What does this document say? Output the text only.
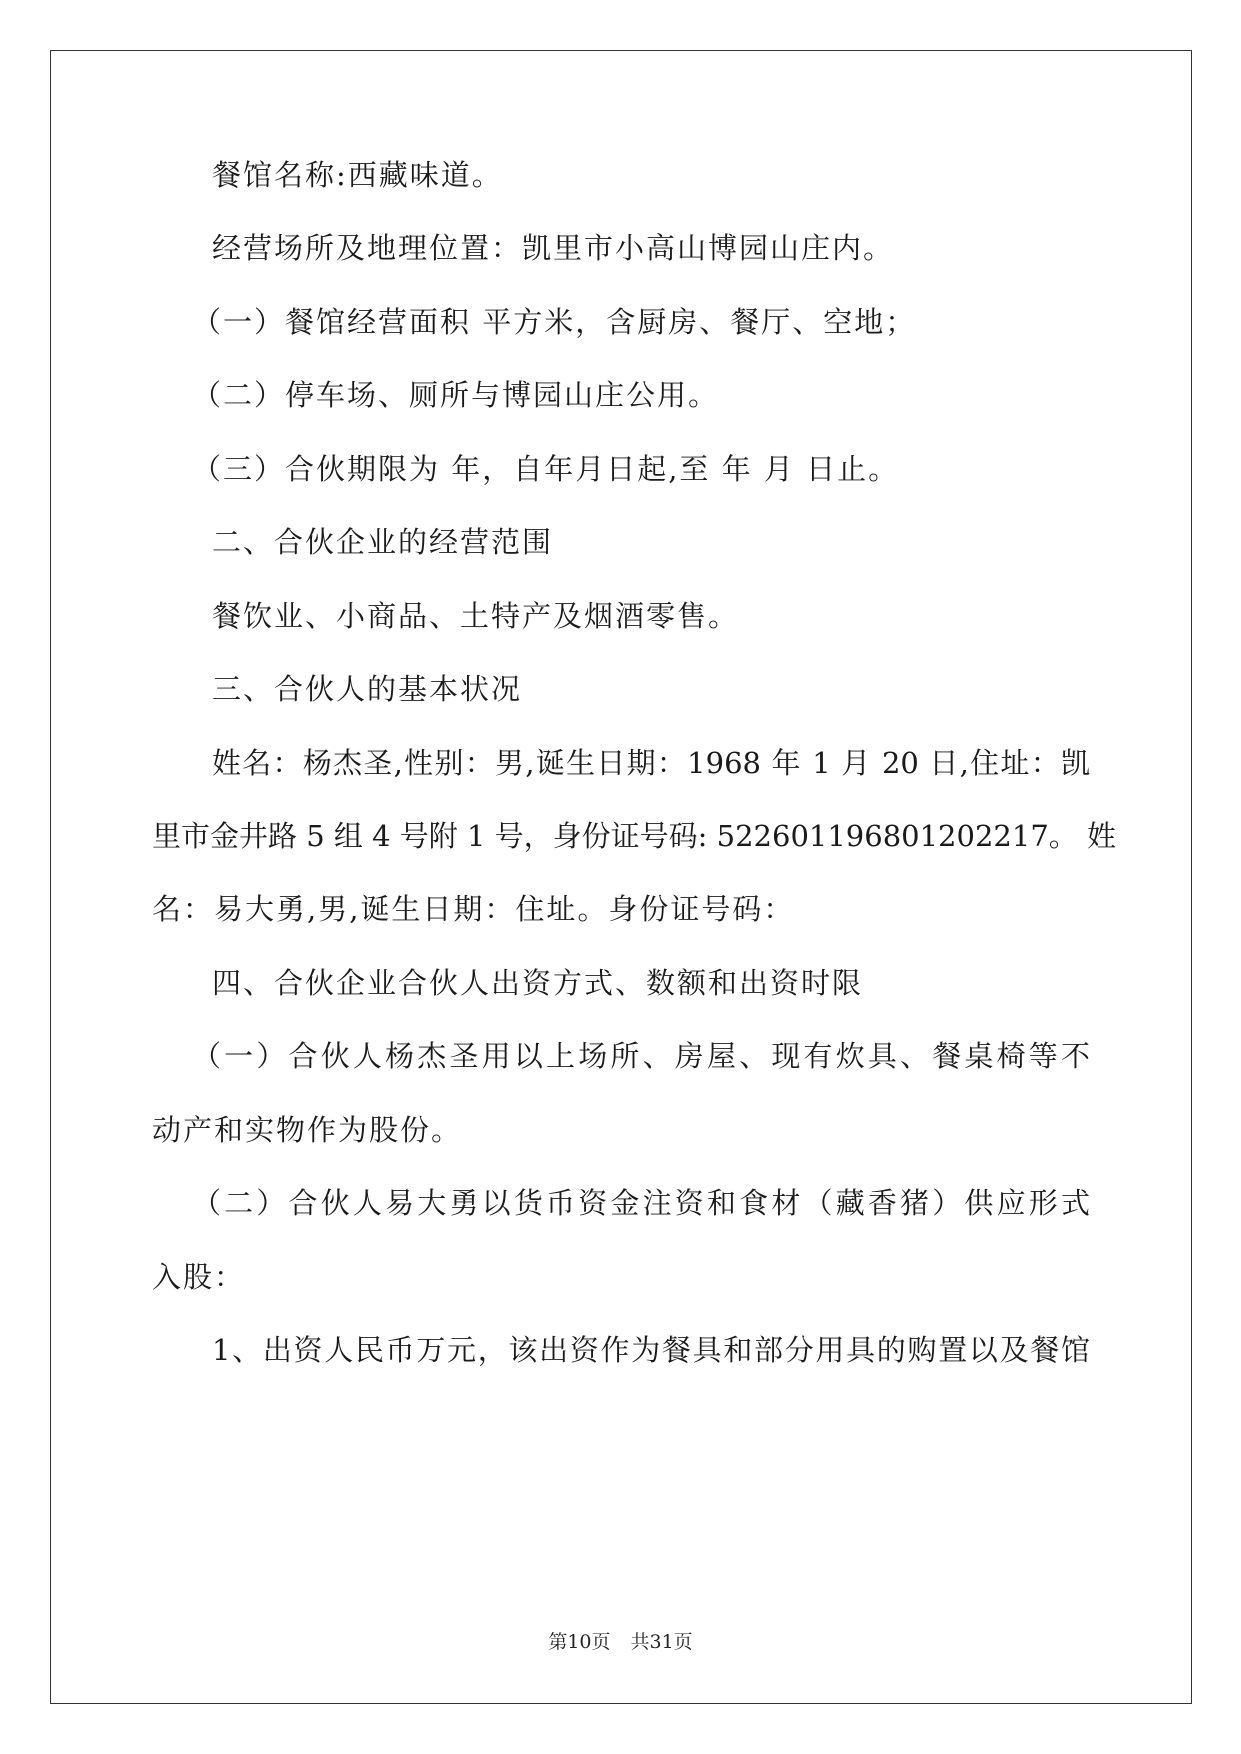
餐馆名称:西藏味道。
经营场所及地理位置：凯里市小高山博园山庄内。
（一）餐馆经营面积 平方米，含厨房、餐厅、空地；
（二）停车场、厕所与博园山庄公用。
（三）合伙期限为 年，自年月日起,至 年 月 日止。
二、合伙企业的经营范围
餐饮业、小商品、土特产及烟酒零售。
三、合伙人的基本状况
姓名：杨杰圣,性别：男,诞生日期：1968 年 1 月 20 日,住址：凯
里市金井路 5 组 4 号附 1 号，身份证号码: 522601196801202217。 姓
名：易大勇,男,诞生日期：住址。身份证号码：
四、合伙企业合伙人出资方式、数额和出资时限
（一）合伙人杨杰圣用以上场所、房屋、现有炊具、餐桌椅等不
动产和实物作为股份。
（二）合伙人易大勇以货币资金注资和食材（藏香猪）供应形式
入股：
1、出资人民币万元，该出资作为餐具和部分用具的购置以及餐馆
第10页 共31页
